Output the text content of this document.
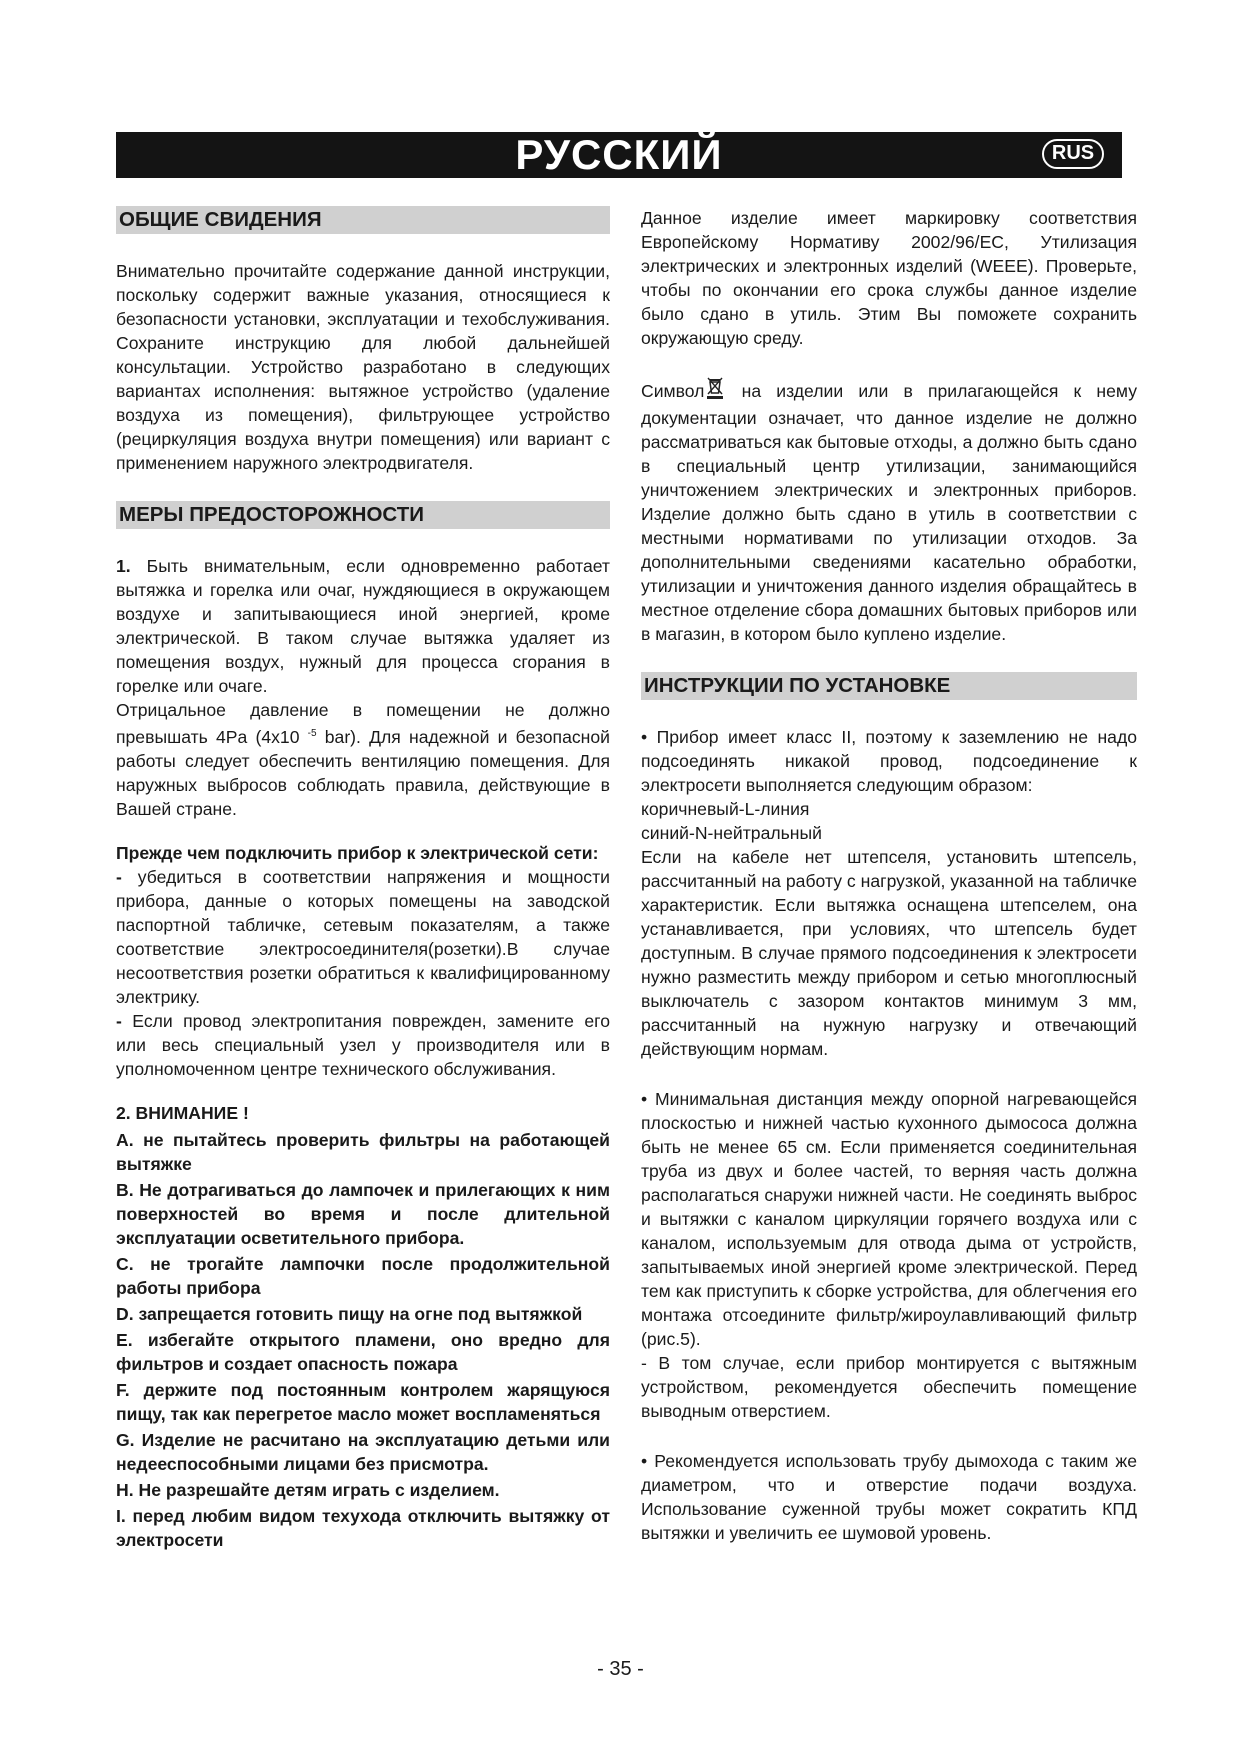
РУССКИЙ	RUS
ОБЩИЕ СВИДЕНИЯ

Внимательно прочитайте содержание данной инструкции, поскольку содержит важные указания, относящиеся к безопасности установки, эксплуатации и техобслуживания. Сохраните инструкцию для любой дальнейшей консультации. Устройство разработано в следующих вариантах исполнения: вытяжное устройство (удаление воздуха из помещения), фильтрующее устройство (рециркуляция воздуха внутри помещения) или вариант с применением наружного электродвигателя.

МЕРЫ ПРЕДОСТОРОЖНОСТИ

1. Быть внимательным, если одновременно работает вытяжка и горелка или очаг, нуждяющиеся в окружающем воздухе и запитывающиеся иной энергией, кроме электрической. В таком случае вытяжка удаляет из помещения воздух, нужный для процесса сгорания в горелке или очаге.

Отрицальное давление в помещении не должно превышать 4Pa (4x10 $^{-5}$ bar). Для надежной и безопасной работы следует обеспечить вентиляцию помещения. Для наружных выбросов соблюдать правила, действующие в Вашей стране.

Прежде чем подключить прибор к электрической сети:

- убедиться в соответствии напряжения и мощности прибора, данные о которых помещены на заводской паспортной табличке, сетевым показателям, а также соответствие электросоединителя(розетки).В случае несоответствия розетки обратиться к квалифицированному электрику.

- Если провод электропитания поврежден, замените его или весь специальный узел у производителя или в уполномоченном центре технического обслуживания.

2. ВНИМАНИЕ !

A. не пытайтесь проверить фильтры на работающей вытяжке

B. Не дотрагиваться до лампочек и прилегающих к ним поверхностей во время и после длительной эксплуатации осветительного прибора.

C. не трогайте лампочки после продолжительной работы прибора

D. запрещается готовить пищу на огне под вытяжкой

E. избегайте открытого пламени, оно вредно для фильтров и создает опасность пожара

F. держите под постоянным контролем жарящуюся пищу, так как перегретое масло может воспламеняться

G. Изделие не расчитано на эксплуатацию детьми или недееспособными лицами без присмотра.

H. Не разрешайте детям играть с изделием.

I. перед любим видом техухода отключить вытяжку от электросети

Данное изделие имеет маркировку соответствия Европейскому Нормативу 2002/96/EC, Утилизация электрических и электронных изделий (WEEE). Проверьте, чтобы по окончании его срока службы данное изделие было сдано в утиль. Этим Вы поможете сохранить окружающую среду.

Символ на изделии или в прилагающейся к нему документации означает, что данное изделие не должно рассматриваться как бытовые отходы, а должно быть сдано в специальный центр утилизации, занимающийся уничтожением электрических и электронных приборов. Изделие должно быть сдано в утиль в соответствии с местными нормативами по утилизации отходов. За дополнительными сведениями касательно обработки, утилизации и уничтожения данного изделия обращайтесь в местное отделение сбора домашних бытовых приборов или в магазин, в котором было куплено изделие.

ИНСТРУКЦИИ ПО УСТАНОВКЕ

• Прибор имеет класс II, поэтому к заземлению не надо подсоединять никакой провод, подсоединение к электросети выполняется следующим образом:

коричневый-L-линия

синий-N-нейтральный

Если на кабеле нет штепселя, установить штепсель, рассчитанный на работу с нагрузкой, указанной на табличке характеристик. Если вытяжка оснащена штепселем, она устанавливается, при условиях, что штепсель будет доступным. В случае прямого подсоединения к электросети нужно разместить между прибором и сетью многоплюсный выключатель с зазором контактов минимум 3 мм, рассчитанный на нужную нагрузку и отвечающий действующим нормам.

• Минимальная дистанция между опорной нагревающейся плоскостью и нижней частью кухонного дымососа должна быть не менее 65 см. Если применяется соединительная труба из двух и более частей, то верняя часть должна располагаться снаружи нижней части. Не соединять выброс и вытяжки с каналом циркуляции горячего воздуха или с каналом, используемым для отвода дыма от устройств, запытываемых иной энергией кроме электрической. Перед тем как приступить к сборке устройства, для облегчения его монтажа отсоедините фильтр/жироулавливающий фильтр (рис.5).

- В том случае, если прибор монтируется с вытяжным устройством, рекомендуется обеспечить помещение выводным отверстием.

• Рекомендуется использовать трубу дымохода с таким же диаметром, что и отверстие подачи воздуха. Использование суженной трубы может сократить КПД вытяжки и увеличить ее шумовой уровень.

- 35 -
